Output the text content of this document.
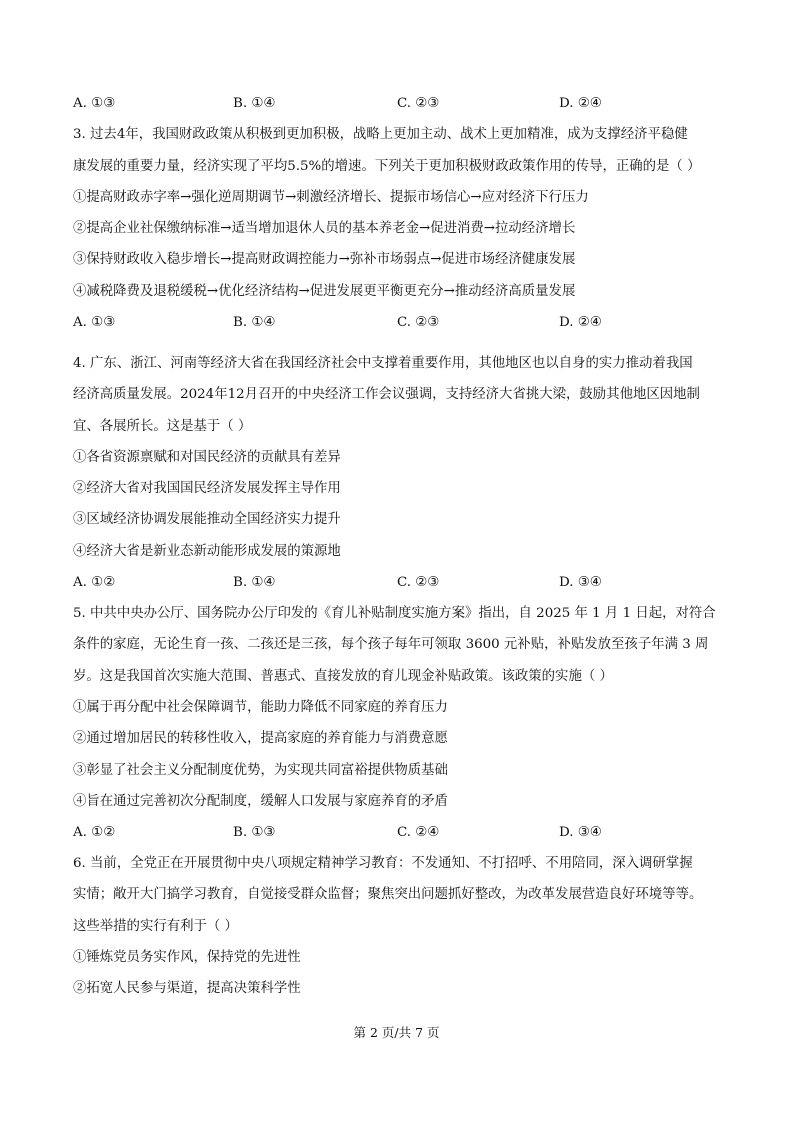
A. ①③	B. ①④	C. ②③	D. ②④
3. 过去4年，我国财政政策从积极到更加积极，战略上更加主动、战术上更加精准，成为支撑经济平稳健
康发展的重要力量，经济实现了平均5.5%的增速。下列关于更加积极财政政策作用的传导，正确的是（ ）
①提高财政赤字率→强化逆周期调节→刺激经济增长、提振市场信心→应对经济下行压力
②提高企业社保缴纳标准→适当增加退休人员的基本养老金→促进消费→拉动经济增长
③保持财政收入稳步增长→提高财政调控能力→弥补市场弱点→促进市场经济健康发展
④减税降费及退税缓税→优化经济结构→促进发展更平衡更充分→推动经济高质量发展
A. ①③	B. ①④	C. ②③	D. ②④
4. 广东、浙江、河南等经济大省在我国经济社会中支撑着重要作用，其他地区也以自身的实力推动着我国
经济高质量发展。2024年12月召开的中央经济工作会议强调，支持经济大省挑大梁，鼓励其他地区因地制
宜、各展所长。这是基于（ ）
①各省资源禀赋和对国民经济的贡献具有差异
②经济大省对我国国民经济发展发挥主导作用
③区域经济协调发展能推动全国经济实力提升
④经济大省是新业态新动能形成发展的策源地
A. ①②	B. ①④	C. ②③	D. ③④
5. 中共中央办公厅、国务院办公厅印发的《育儿补贴制度实施方案》指出，自 2025 年 1 月 1 日起，对符合
条件的家庭，无论生育一孩、二孩还是三孩，每个孩子每年可领取 3600 元补贴，补贴发放至孩子年满 3 周
岁。这是我国首次实施大范围、普惠式、直接发放的育儿现金补贴政策。该政策的实施（ ）
①属于再分配中社会保障调节，能助力降低不同家庭的养育压力
②通过增加居民的转移性收入，提高家庭的养育能力与消费意愿
③彰显了社会主义分配制度优势，为实现共同富裕提供物质基础
④旨在通过完善初次分配制度，缓解人口发展与家庭养育的矛盾
A. ①②	B. ①③	C. ②④	D. ③④
6. 当前，全党正在开展贯彻中央八项规定精神学习教育：不发通知、不打招呼、不用陪同，深入调研掌握
实情；敞开大门搞学习教育，自觉接受群众监督；聚焦突出问题抓好整改，为改革发展营造良好环境等等。
这些举措的实行有利于（ ）
①锤炼党员务实作风，保持党的先进性
②拓宽人民参与渠道，提高决策科学性
第 2 页/共 7 页
